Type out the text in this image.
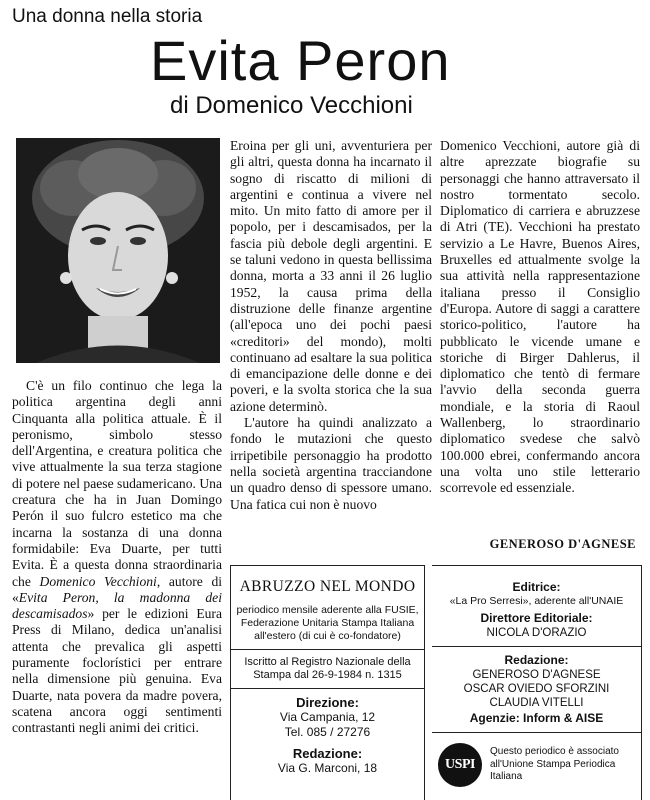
Una donna nella storia
Evita Peron
di Domenico Vecchioni

C'è un filo continuo che lega la politica argentina degli anni Cinquanta alla politica attuale. È il peronismo, simbolo stesso dell'Argentina, e creatura politica che vive attualmente la sua terza stagione di potere nel paese sudamericano. Una creatura che ha in Juan Domingo Perón il suo fulcro estetico ma che incarna la sostanza di una donna formidabile: Eva Duarte, per tutti Evita. È a questa donna straordinaria che Domenico Vecchioni, autore di «Evita Peron, la madonna dei descamisados» per le edizioni Eura Press di Milano, dedica un'analisi attenta che prevalica gli aspetti puramente foclorístici per entrare nella dimensione più genuina. Eva Duarte, nata povera da madre povera, scatena ancora oggi sentimenti contrastanti negli animi dei critici.

Eroina per gli uni, avventuriera per gli altri, questa donna ha incarnato il sogno di riscatto di milioni di argentini e continua a vivere nel mito. Un mito fatto di amore per il popolo, per i descamisados, per la fascia più debole degli argentini. E se taluni vedono in questa bellissima donna, morta a 33 anni il 26 luglio 1952, la causa prima della distruzione delle finanze argentine (all'epoca uno dei pochi paesi «creditori» del mondo), molti continuano ad esaltare la sua politica di emancipazione delle donne e dei poveri, e la svolta storica che la sua azione determinò.

L'autore ha quindi analizzato a fondo le mutazioni che questo irripetibile personaggio ha prodotto nella società argentina tracciandone un quadro denso di spessore umano. Una fatica cui non è nuovo

Domenico Vecchioni, autore già di altre aprezzate biografie su personaggi che hanno attraversato il nostro tormentato secolo. Diplomatico di carriera e abruzzese di Atri (TE). Vecchioni ha prestato servizio a Le Havre, Buenos Aires, Bruxelles ed attualmente svolge la sua attività nella rappresentazione italiana presso il Consiglio d'Europa. Autore di saggi a carattere storico-politico, l'autore ha pubblicato le vicende umane e storiche di Birger Dahlerus, il diplomatico che tentò di fermare l'avvio della seconda guerra mondiale, e la storia di Raoul Wallenberg, lo straordinario diplomatico svedese che salvò 100.000 ebrei, confermando ancora una volta uno stile letterario scorrevole ed essenziale.

GENEROSO D'AGNESE
ABRUZZO NEL MONDO
periodico mensile aderente alla FUSIE, Federazione Unitaria Stampa Italiana all'estero (di cui è co-fondatore)
Iscritto al Registro Nazionale della Stampa dal 26-9-1984 n. 1315
Direzione:
Via Campania, 12
Tel. 085 / 27276
Redazione:
Via G. Marconi, 18
Editrice:
«La Pro Serresi», aderente all'UNAIE
Direttore Editoriale:
NICOLA D'ORAZIO
Redazione:
GENEROSO D'AGNESE
OSCAR OVIEDO SFORZINI
CLAUDIA VITELLI
Agenzie: Inform & AISE
USPI
Questo periodico è associato all'Unione Stampa Periodica Italiana
